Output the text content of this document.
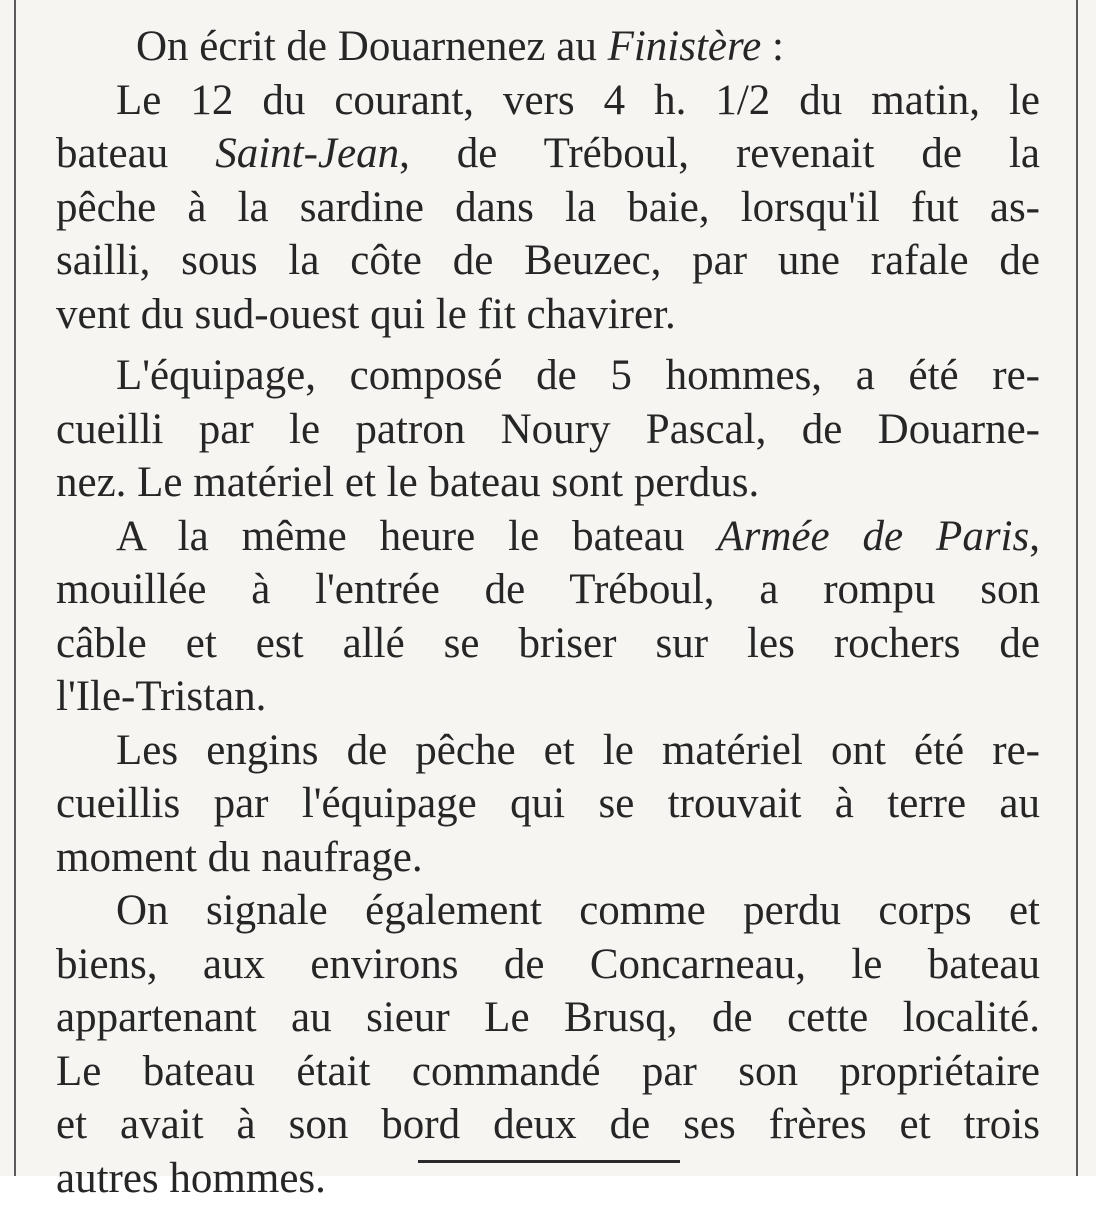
On écrit de Douarnenez au Finistère :
Le 12 du courant, vers 4 h. 1/2 du matin, le
bateau Saint-Jean, de Tréboul, revenait de la
pêche à la sardine dans la baie, lorsqu'il fut as-
sailli, sous la côte de Beuzec, par une rafale de
vent du sud-ouest qui le fit chavirer.
L'équipage, composé de 5 hommes, a été re-
cueilli par le patron Noury Pascal, de Douarne-
nez. Le matériel et le bateau sont perdus.
A la même heure le bateau Armée de Paris,
mouillée à l'entrée de Tréboul, a rompu son
câble et est allé se briser sur les rochers de
l'Ile-Tristan.
Les engins de pêche et le matériel ont été re-
cueillis par l'équipage qui se trouvait à terre au
moment du naufrage.
On signale également comme perdu corps et
biens, aux environs de Concarneau, le bateau
appartenant au sieur Le Brusq, de cette localité.
Le bateau était commandé par son propriétaire
et avait à son bord deux de ses frères et trois
autres hommes.
